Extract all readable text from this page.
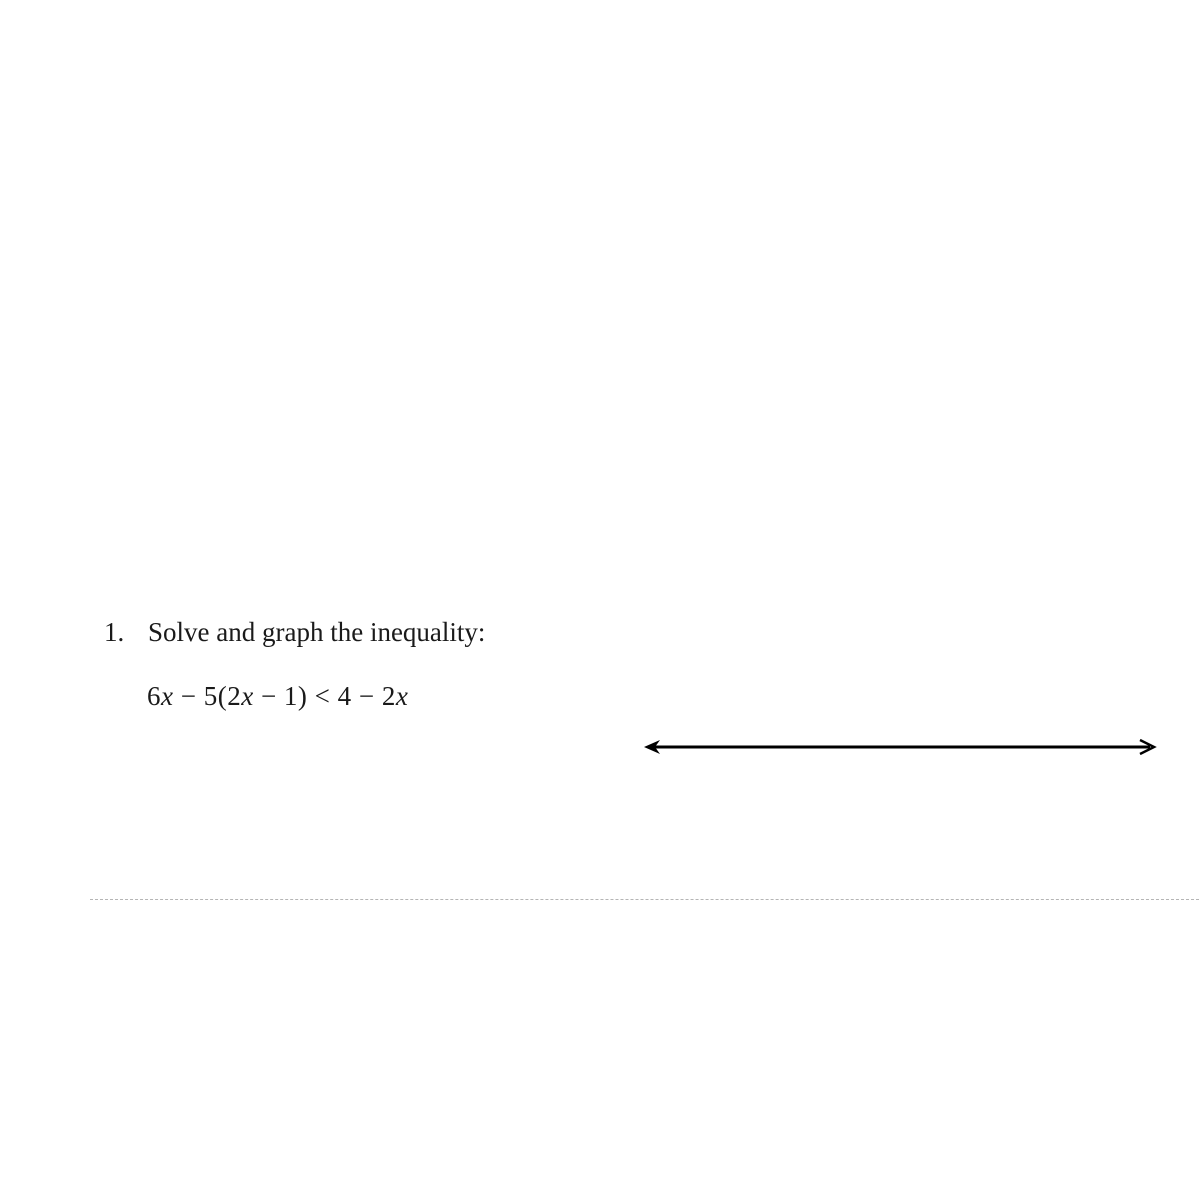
1. Solve and graph the inequality:
6x − 5(2x − 1) < 4 − 2x
